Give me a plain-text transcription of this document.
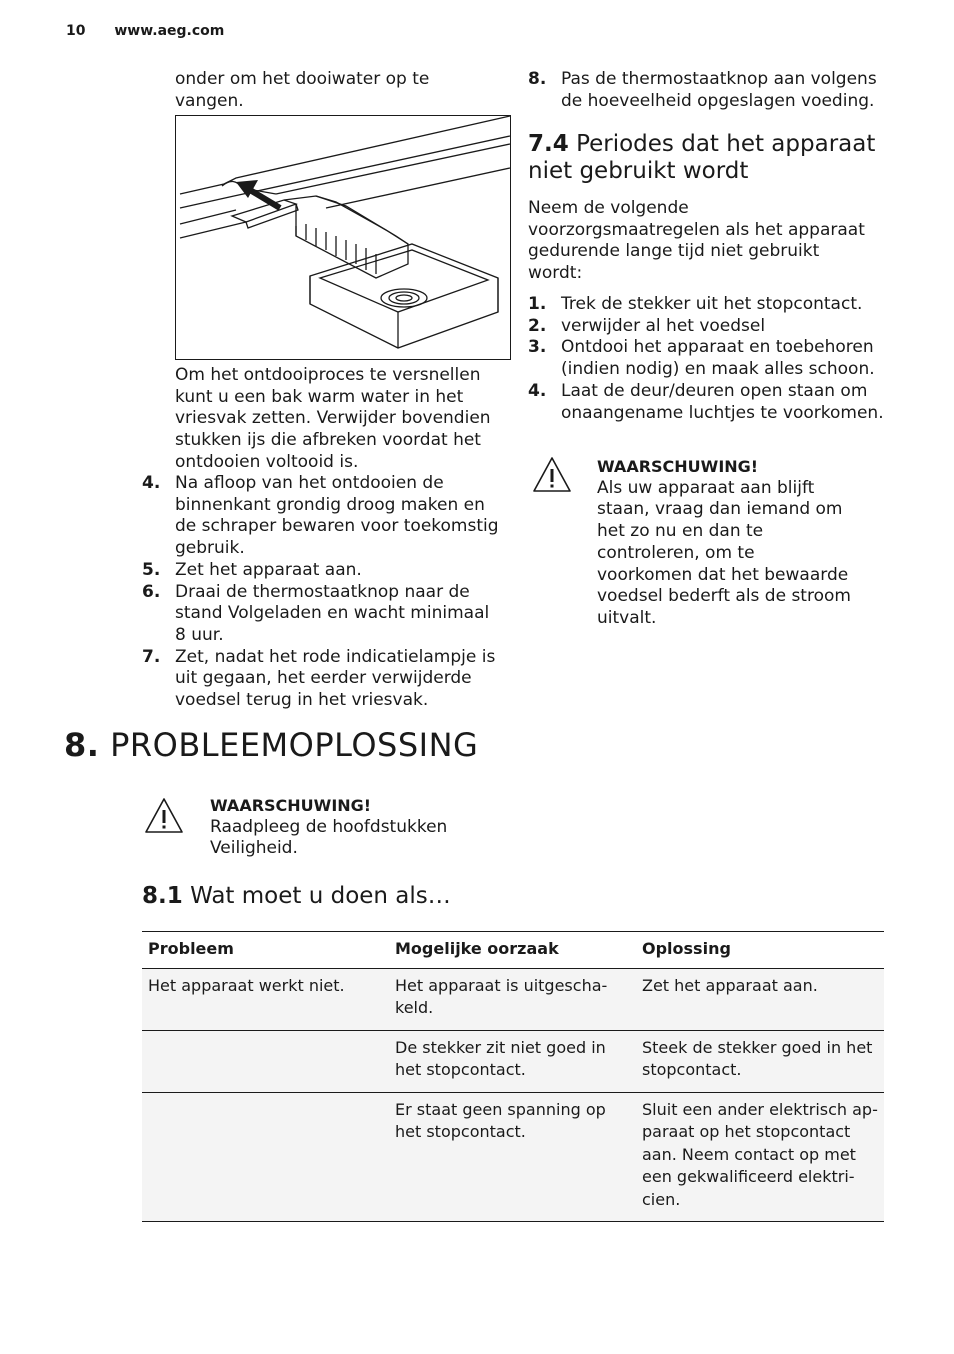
10 www.aeg.com

onder om het dooiwater op te vangen.

Om het ontdooiproces te versnellen kunt u een bak warm water in het vriesvak zetten. Verwijder bovendien stukken ijs die afbreken voordat het ontdooien voltooid is.

4. Na afloop van het ontdooien de binnenkant grondig droog maken en de schraper bewaren voor toekomstig gebruik.
5. Zet het apparaat aan.
6. Draai de thermostaatknop naar de stand Volgeladen en wacht minimaal 8 uur.
7. Zet, nadat het rode indicatielampje is uit gegaan, het eerder verwijderde voedsel terug in het vriesvak.
8. Pas de thermostaatknop aan volgens de hoeveelheid opgeslagen voeding.
7.4 Periodes dat het apparaat niet gebruikt wordt

Neem de volgende voorzorgsmaatregelen als het apparaat gedurende lange tijd niet gebruikt wordt:

1. Trek de stekker uit het stopcontact.
2. verwijder al het voedsel
3. Ontdooi het apparaat en toebehoren (indien nodig) en maak alles schoon.
4. Laat de deur/deuren open staan om onaangename luchtjes te voorkomen.
WAARSCHUWING!
Als uw apparaat aan blijft staan, vraag dan iemand om het zo nu en dan te controleren, om te voorkomen dat het bewaarde voedsel bederft als de stroom uitvalt.
8. PROBLEEMOPLOSSING
WAARSCHUWING!
Raadpleeg de hoofdstukken Veiligheid.
8.1 Wat moet u doen als…
Probleem	Mogelijke oorzaak	Oplossing
Het apparaat werkt niet.	Het apparaat is uitgescha-keld.	Zet het apparaat aan.
	De stekker zit niet goed in het stopcontact.	Steek de stekker goed in het stopcontact.
	Er staat geen spanning op het stopcontact.	Sluit een ander elektrisch ap-paraat op het stopcontact aan. Neem contact op met een gekwalificeerd elektri-cien.
